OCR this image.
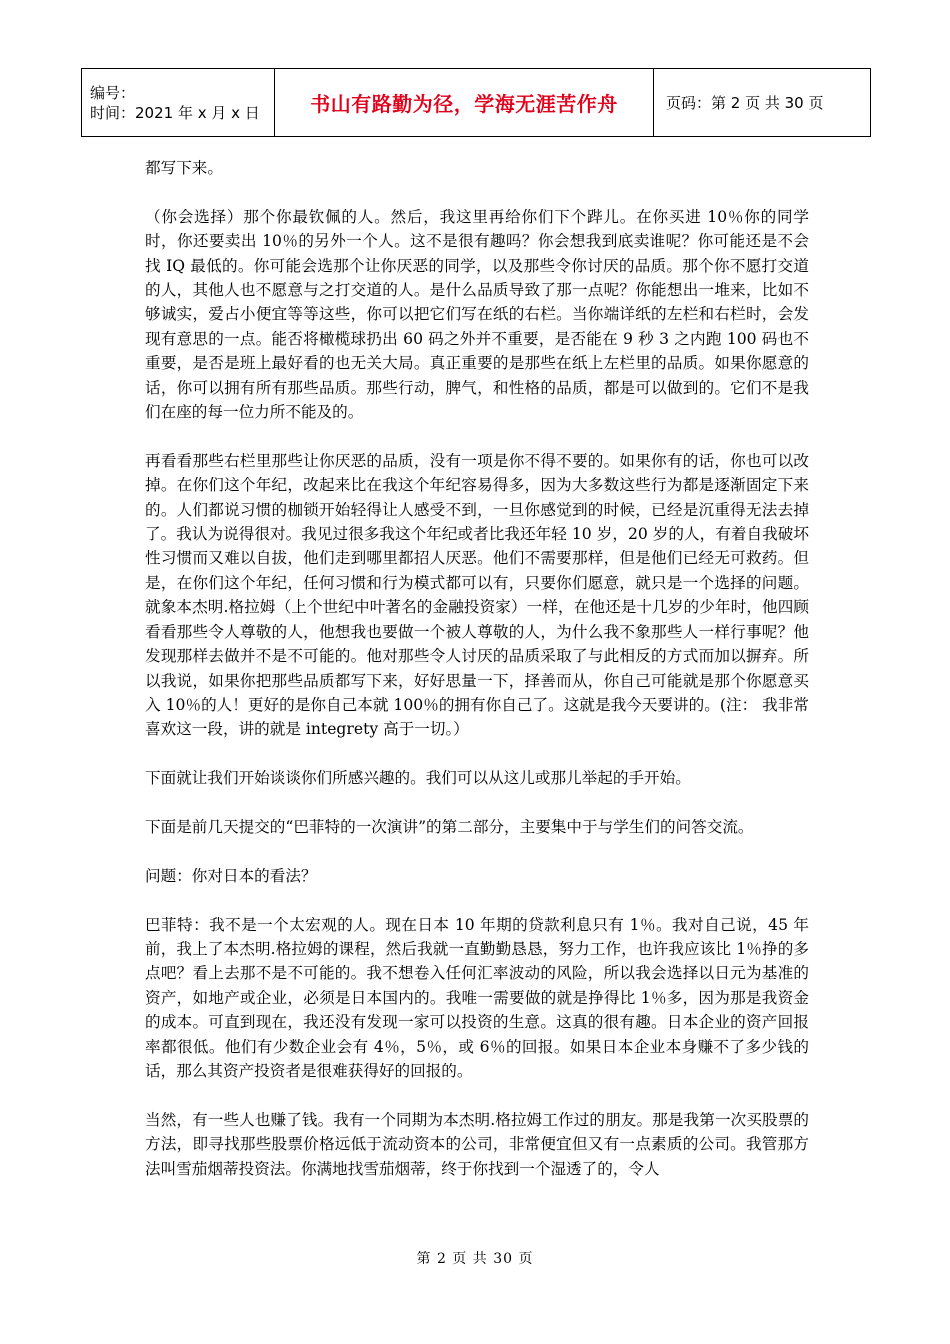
编号：
时间：2021 年 x 月 x 日	书山有路勤为径，学海无涯苦作舟	页码：第 2 页 共 30 页

都写下来。

（你会选择）那个你最钦佩的人。然后，我这里再给你们下个跸儿。在你买进 10％你的同学时，你还要卖出 10％的另外一个人。这不是很有趣吗？你会想我到底卖谁呢？你可能还是不会找 IQ 最低的。你可能会选那个让你厌恶的同学，以及那些令你讨厌的品质。那个你不愿打交道的人，其他人也不愿意与之打交道的人。是什么品质导致了那一点呢？你能想出一堆来，比如不够诚实，爱占小便宜等等这些，你可以把它们写在纸的右栏。当你端详纸的左栏和右栏时，会发现有意思的一点。能否将橄榄球扔出 60 码之外并不重要，是否能在 9 秒 3 之内跑 100 码也不重要，是否是班上最好看的也无关大局。真正重要的是那些在纸上左栏里的品质。如果你愿意的话，你可以拥有所有那些品质。那些行动，脾气，和性格的品质，都是可以做到的。它们不是我们在座的每一位力所不能及的。

再看看那些右栏里那些让你厌恶的品质，没有一项是你不得不要的。如果你有的话，你也可以改掉。在你们这个年纪，改起来比在我这个年纪容易得多，因为大多数这些行为都是逐渐固定下来的。人们都说习惯的枷锁开始轻得让人感受不到，一旦你感觉到的时候，已经是沉重得无法去掉了。我认为说得很对。我见过很多我这个年纪或者比我还年轻 10 岁，20 岁的人，有着自我破坏性习惯而又难以自拔，他们走到哪里都招人厌恶。他们不需要那样，但是他们已经无可救药。但是，在你们这个年纪，任何习惯和行为模式都可以有，只要你们愿意，就只是一个选择的问题。就象本杰明.格拉姆（上个世纪中叶著名的金融投资家）一样，在他还是十几岁的少年时，他四顾看看那些令人尊敬的人，他想我也要做一个被人尊敬的人，为什么我不象那些人一样行事呢？他发现那样去做并不是不可能的。他对那些令人讨厌的品质采取了与此相反的方式而加以摒弃。所以我说，如果你把那些品质都写下来，好好思量一下，择善而从，你自己可能就是那个你愿意买入 10％的人！更好的是你自己本就 100％的拥有你自己了。这就是我今天要讲的。(注： 我非常喜欢这一段，讲的就是 integrety 高于一切。）

下面就让我们开始谈谈你们所感兴趣的。我们可以从这儿或那儿举起的手开始。

下面是前几天提交的“巴菲特的一次演讲”的第二部分，主要集中于与学生们的问答交流。

问题：你对日本的看法？

巴菲特：我不是一个太宏观的人。现在日本 10 年期的贷款利息只有 1％。我对自己说，45 年前，我上了本杰明.格拉姆的课程，然后我就一直勤勤恳恳，努力工作，也许我应该比 1％挣的多点吧？看上去那不是不可能的。我不想卷入任何汇率波动的风险，所以我会选择以日元为基准的资产，如地产或企业，必须是日本国内的。我唯一需要做的就是挣得比 1％多，因为那是我资金的成本。可直到现在，我还没有发现一家可以投资的生意。这真的很有趣。日本企业的资产回报率都很低。他们有少数企业会有 4％，5％，或 6％的回报。如果日本企业本身赚不了多少钱的话，那么其资产投资者是很难获得好的回报的。

当然，有一些人也赚了钱。我有一个同期为本杰明.格拉姆工作过的朋友。那是我第一次买股票的方法，即寻找那些股票价格远低于流动资本的公司，非常便宜但又有一点素质的公司。我管那方法叫雪茄烟蒂投资法。你满地找雪茄烟蒂，终于你找到一个湿透了的，令人

第 2 页 共 30 页
